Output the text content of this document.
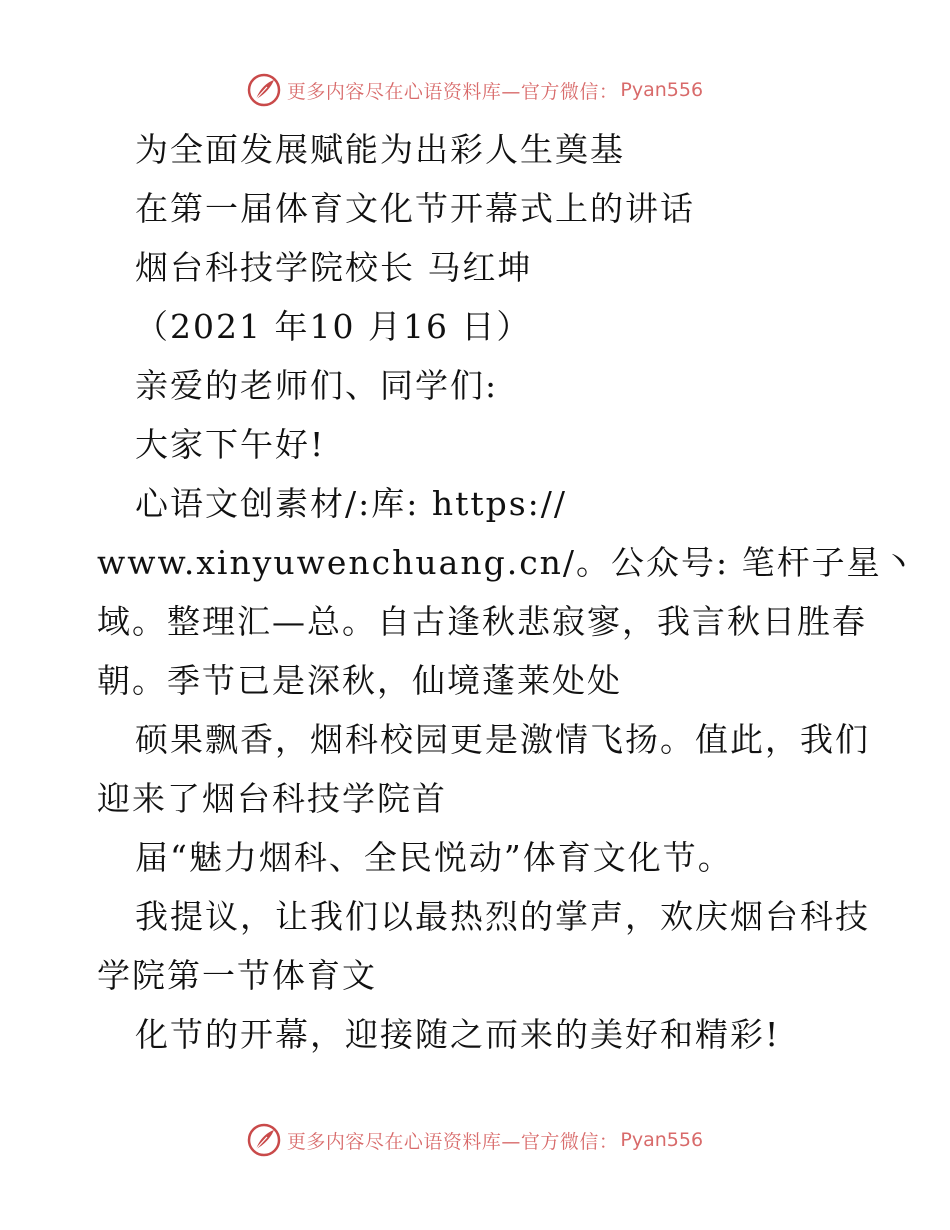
更多内容尽在心语资料库—官方微信： Pyan556
为全面发展赋能为出彩人生奠基
在第一届体育文化节开幕式上的讲话
烟台科技学院校长 马红坤
（2021 年10 月16 日）
亲爱的老师们、同学们:
大家下午好!
心语文创素材/:库: https://
www.xinyuwenchuang.cn/。公众号: 笔杆子星丶
域。整理汇—总。自古逢秋悲寂寥，我言秋日胜春
朝。季节已是深秋，仙境蓬莱处处
硕果飘香，烟科校园更是激情飞扬。值此，我们
迎来了烟台科技学院首
届“魅力烟科、全民悦动”体育文化节。
我提议，让我们以最热烈的掌声，欢庆烟台科技
学院第一节体育文
化节的开幕，迎接随之而来的美好和精彩!
更多内容尽在心语资料库—官方微信： Pyan556
